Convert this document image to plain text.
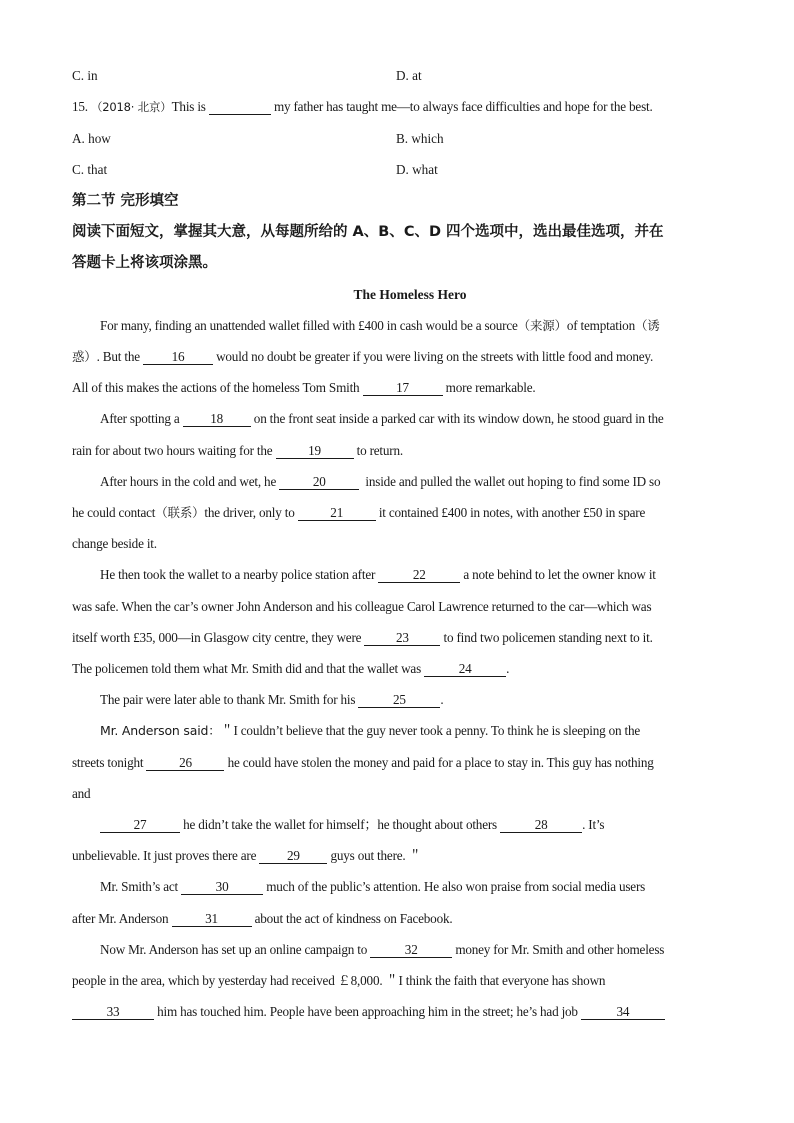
C. in	D. at
15. （2018· 北京）This is	my father has taught me—to always face difficulties and hope for the best.
A. how	B. which
C. that	D. what
第二节 完形填空
阅读下面短文，掌握其大意，从每题所给的 A、B、C、D 四个选项中，选出最佳选项，并在
答题卡上将该项涂黑。
The Homeless Hero
For many, finding an unattended wallet filled with £400 in cash would be a source（来源）of temptation（诱
惑）. But the 16 would no doubt be greater if you were living on the streets with little food and money.
All of this makes the actions of the homeless Tom Smith	17	more remarkable.
After spotting a 18 on the front seat inside a parked car with its window down, he stood guard in the
rain for about two hours waiting for the	19	to return.
After hours in the cold and wet, he	20	inside and pulled the wallet out hoping to find some ID so
he could contact（联系）the driver, only to	21	it contained £400 in notes, with another £50 in spare
change beside it.
He then took the wallet to a nearby police station after	22	a note behind to let the owner know it
was safe. When the car’s owner John Anderson and his colleague Carol Lawrence returned to the car—which was
itself worth £35, 000—in Glasgow city centre, they were	23	to find two policemen standing next to it.
The policemen told them what Mr. Smith did and that the wallet was	24	.
The pair were later able to thank Mr. Smith for his	25	.
Mr. Anderson said：＂I couldn’t believe that the guy never took a penny. To think he is sleeping on the
streets tonight	26	he could have stolen the money and paid for a place to stay in. This guy has nothing
and
27	he didn’t take the wallet for himself；he thought about others	28	. It’s
unbelievable. It just proves there are 29 guys out there. ＂
Mr. Smith’s act	30	much of the public’s attention. He also won praise from social media users
after Mr. Anderson	31	about the act of kindness on Facebook.
Now Mr. Anderson has set up an online campaign to	32	money for Mr. Smith and other homeless
people in the area, which by yesterday had received ￡8,000. ＂I think the faith that everyone has shown
33	him has touched him. People have been approaching him in the street; he’s had job	34
